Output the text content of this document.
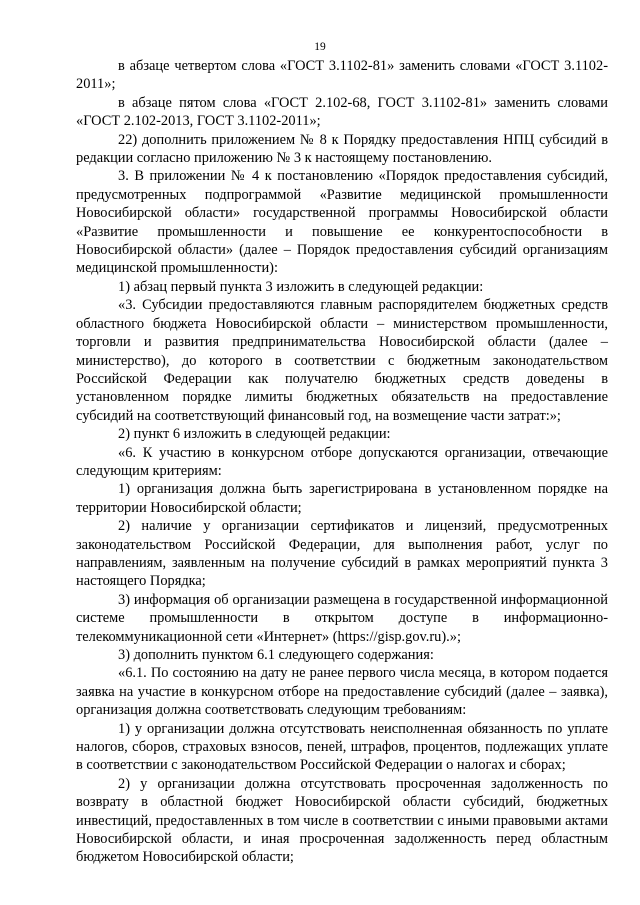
19

в абзаце четвертом слова «ГОСТ 3.1102-81» заменить словами «ГОСТ 3.1102-2011»;

в абзаце пятом слова «ГОСТ 2.102-68, ГОСТ 3.1102-81» заменить словами «ГОСТ 2.102-2013, ГОСТ 3.1102-2011»;

22) дополнить приложением № 8 к Порядку предоставления НПЦ субсидий в редакции согласно приложению № 3 к настоящему постановлению.

3. В приложении № 4 к постановлению «Порядок предоставления субсидий, предусмотренных подпрограммой «Развитие медицинской промышленности Новосибирской области» государственной программы Новосибирской области «Развитие промышленности и повышение ее конкурентоспособности в Новосибирской области» (далее – Порядок предоставления субсидий организациям медицинской промышленности):

1) абзац первый пункта 3 изложить в следующей редакции:

«3. Субсидии предоставляются главным распорядителем бюджетных средств областного бюджета Новосибирской области – министерством промышленности, торговли и развития предпринимательства Новосибирской области (далее – министерство), до которого в соответствии с бюджетным законодательством Российской Федерации как получателю бюджетных средств доведены в установленном порядке лимиты бюджетных обязательств на предоставление субсидий на соответствующий финансовый год, на возмещение части затрат:»;

2) пункт 6 изложить в следующей редакции:

«6. К участию в конкурсном отборе допускаются организации, отвечающие следующим критериям:

1) организация должна быть зарегистрирована в установленном порядке на территории Новосибирской области;

2) наличие у организации сертификатов и лицензий, предусмотренных законодательством Российской Федерации, для выполнения работ, услуг по направлениям, заявленным на получение субсидий в рамках мероприятий пункта 3 настоящего Порядка;

3) информация об организации размещена в государственной информационной системе промышленности в открытом доступе в информационно-телекоммуникационной сети «Интернет» (https://gisp.gov.ru).»;

3) дополнить пунктом 6.1 следующего содержания:

«6.1. По состоянию на дату не ранее первого числа месяца, в котором подается заявка на участие в конкурсном отборе на предоставление субсидий (далее – заявка), организация должна соответствовать следующим требованиям:

1) у организации должна отсутствовать неисполненная обязанность по уплате налогов, сборов, страховых взносов, пеней, штрафов, процентов, подлежащих уплате в соответствии с законодательством Российской Федерации о налогах и сборах;

2) у организации должна отсутствовать просроченная задолженность по возврату в областной бюджет Новосибирской области субсидий, бюджетных инвестиций, предоставленных в том числе в соответствии с иными правовыми актами Новосибирской области, и иная просроченная задолженность перед областным бюджетом Новосибирской области;
